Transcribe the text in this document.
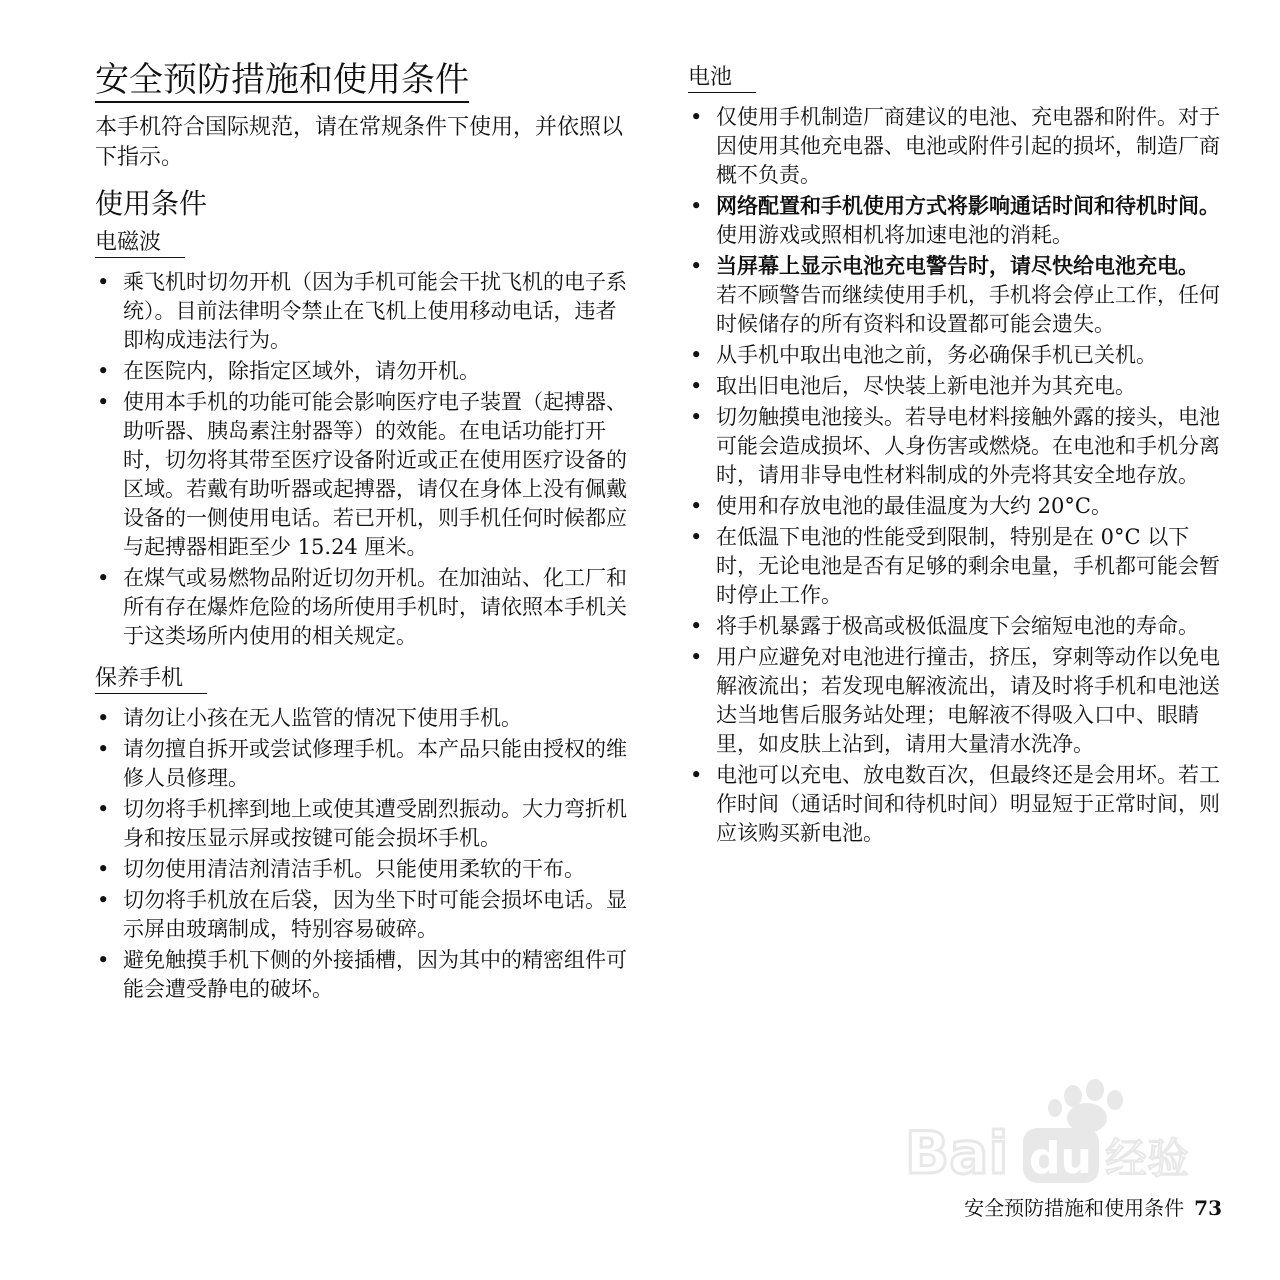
安全预防措施和使用条件

本手机符合国际规范，请在常规条件下使用，并依照以下指示。

使用条件
电磁波
• 乘飞机时切勿开机（因为手机可能会干扰飞机的电子系统）。目前法律明令禁止在飞机上使用移动电话，违者即构成违法行为。
• 在医院内，除指定区域外，请勿开机。
• 使用本手机的功能可能会影响医疗电子装置（起搏器、助听器、胰岛素注射器等）的效能。在电话功能打开时，切勿将其带至医疗设备附近或正在使用医疗设备的区域。若戴有助听器或起搏器，请仅在身体上没有佩戴设备的一侧使用电话。若已开机，则手机任何时候都应与起搏器相距至少 15.24 厘米。
• 在煤气或易燃物品附近切勿开机。在加油站、化工厂和所有存在爆炸危险的场所使用手机时，请依照本手机关于这类场所内使用的相关规定。
保养手机
• 请勿让小孩在无人监管的情况下使用手机。
• 请勿擅自拆开或尝试修理手机。本产品只能由授权的维修人员修理。
• 切勿将手机摔到地上或使其遭受剧烈振动。大力弯折机身和按压显示屏或按键可能会损坏手机。
• 切勿使用清洁剂清洁手机。只能使用柔软的干布。
• 切勿将手机放在后袋，因为坐下时可能会损坏电话。显示屏由玻璃制成，特别容易破碎。
• 避免触摸手机下侧的外接插槽，因为其中的精密组件可能会遭受静电的破坏。
电池
• 仅使用手机制造厂商建议的电池、充电器和附件。对于因使用其他充电器、电池或附件引起的损坏，制造厂商概不负责。
• 网络配置和手机使用方式将影响通话时间和待机时间。
使用游戏或照相机将加速电池的消耗。
• 当屏幕上显示电池充电警告时，请尽快给电池充电。
若不顾警告而继续使用手机，手机将会停止工作，任何时候储存的所有资料和设置都可能会遗失。
• 从手机中取出电池之前，务必确保手机已关机。
• 取出旧电池后，尽快装上新电池并为其充电。
• 切勿触摸电池接头。若导电材料接触外露的接头，电池可能会造成损坏、人身伤害或燃烧。在电池和手机分离时，请用非导电性材料制成的外壳将其安全地存放。
• 使用和存放电池的最佳温度为大约 20°C。
• 在低温下电池的性能受到限制，特别是在 0°C 以下时，无论电池是否有足够的剩余电量，手机都可能会暂时停止工作。
• 将手机暴露于极高或极低温度下会缩短电池的寿命。
• 用户应避免对电池进行撞击，挤压，穿刺等动作以免电解液流出；若发现电解液流出，请及时将手机和电池送达当地售后服务站处理；电解液不得吸入口中、眼睛里，如皮肤上沾到，请用大量清水洗净。
• 电池可以充电、放电数百次，但最终还是会用坏。若工作时间（通话时间和待机时间）明显短于正常时间，则应该购买新电池。
Bai du 经验
安全预防措施和使用条件 73
